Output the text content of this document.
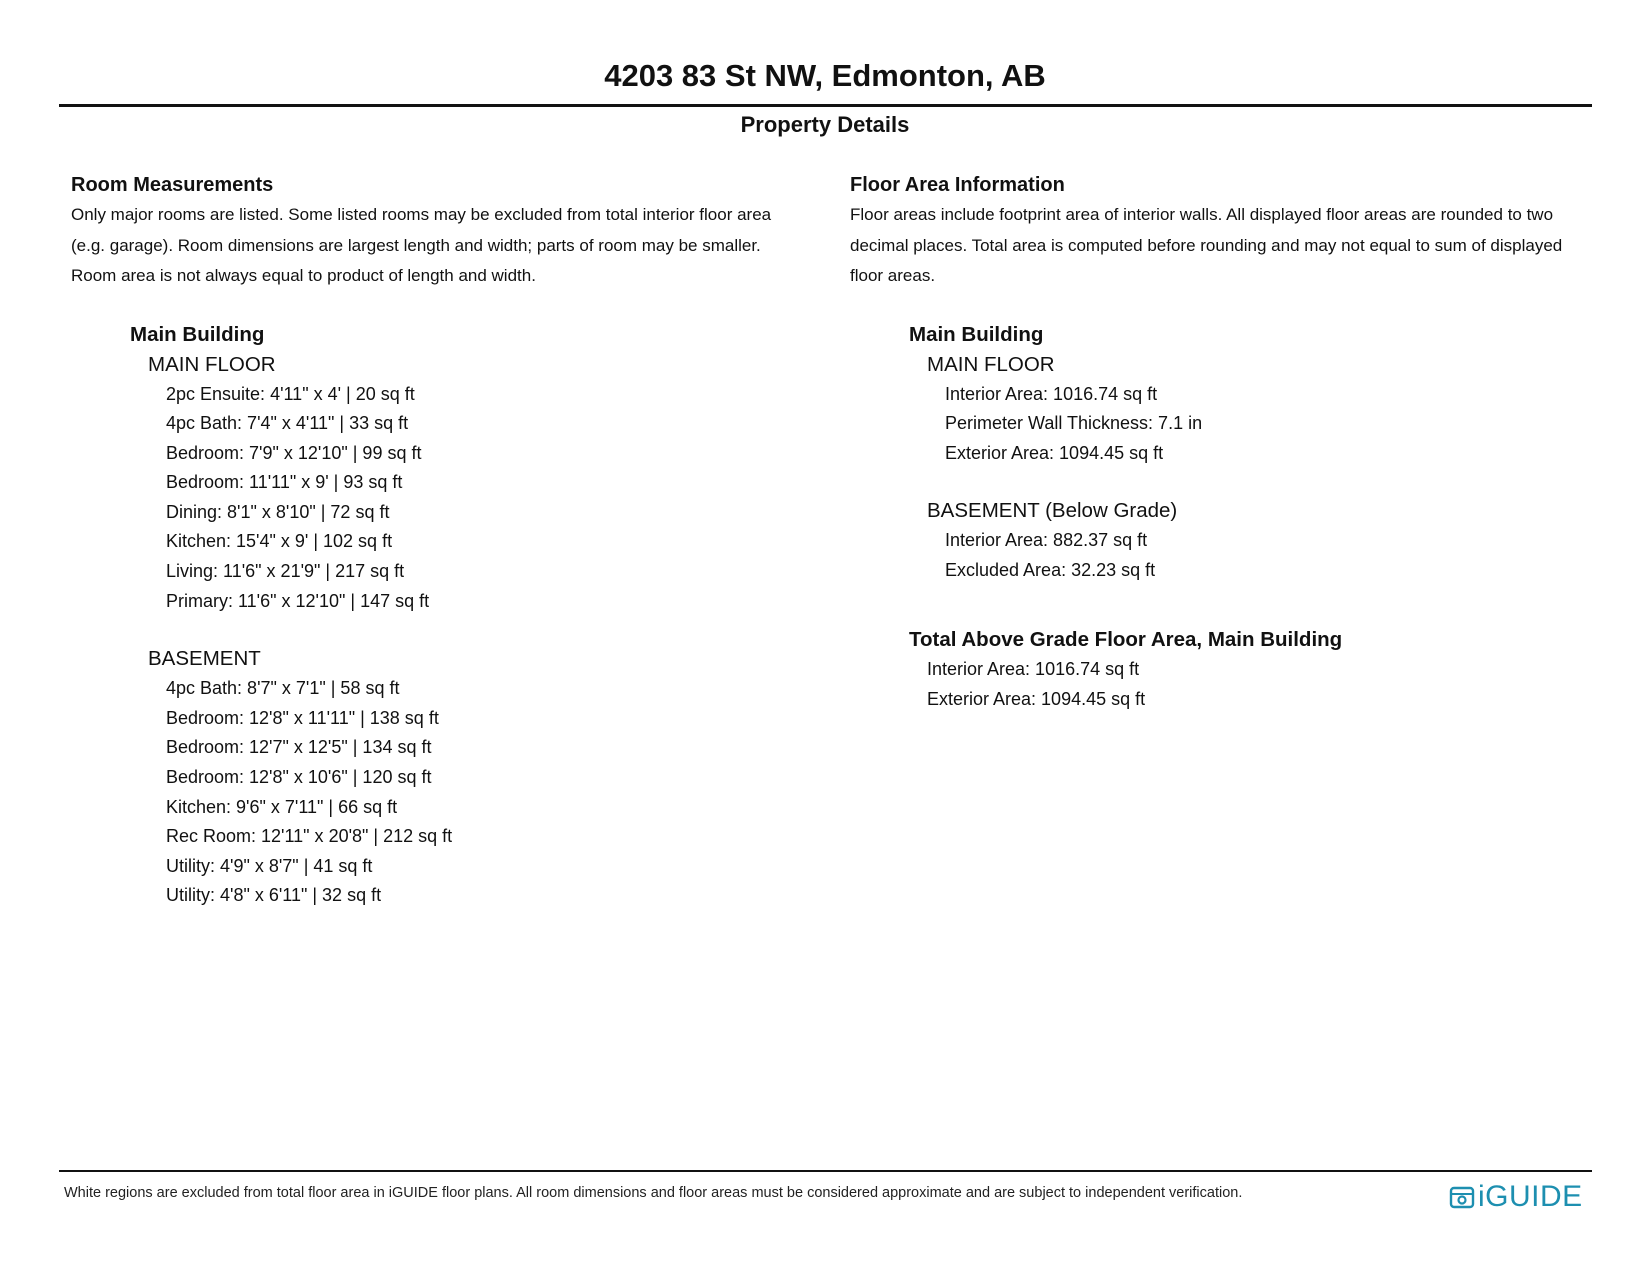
4203 83 St NW, Edmonton, AB
Property Details
Room Measurements
Only major rooms are listed. Some listed rooms may be excluded from total interior floor area
(e.g. garage). Room dimensions are largest length and width; parts of room may be smaller.
Room area is not always equal to product of length and width.
Main Building
MAIN FLOOR
2pc Ensuite: 4'11" x 4' | 20 sq ft
4pc Bath: 7'4" x 4'11" | 33 sq ft
Bedroom: 7'9" x 12'10" | 99 sq ft
Bedroom: 11'11" x 9' | 93 sq ft
Dining: 8'1" x 8'10" | 72 sq ft
Kitchen: 15'4" x 9' | 102 sq ft
Living: 11'6" x 21'9" | 217 sq ft
Primary: 11'6" x 12'10" | 147 sq ft
BASEMENT
4pc Bath: 8'7" x 7'1" | 58 sq ft
Bedroom: 12'8" x 11'11" | 138 sq ft
Bedroom: 12'7" x 12'5" | 134 sq ft
Bedroom: 12'8" x 10'6" | 120 sq ft
Kitchen: 9'6" x 7'11" | 66 sq ft
Rec Room: 12'11" x 20'8" | 212 sq ft
Utility: 4'9" x 8'7" | 41 sq ft
Utility: 4'8" x 6'11" | 32 sq ft
Floor Area Information
Floor areas include footprint area of interior walls. All displayed floor areas are rounded to two
decimal places. Total area is computed before rounding and may not equal to sum of displayed
floor areas.
Main Building
MAIN FLOOR
Interior Area: 1016.74 sq ft
Perimeter Wall Thickness: 7.1 in
Exterior Area: 1094.45 sq ft
BASEMENT (Below Grade)
Interior Area: 882.37 sq ft
Excluded Area: 32.23 sq ft
Total Above Grade Floor Area, Main Building
Interior Area: 1016.74 sq ft
Exterior Area: 1094.45 sq ft
White regions are excluded from total floor area in iGUIDE floor plans. All room dimensions and floor areas must be considered approximate and are subject to independent verification.	iGUIDE
